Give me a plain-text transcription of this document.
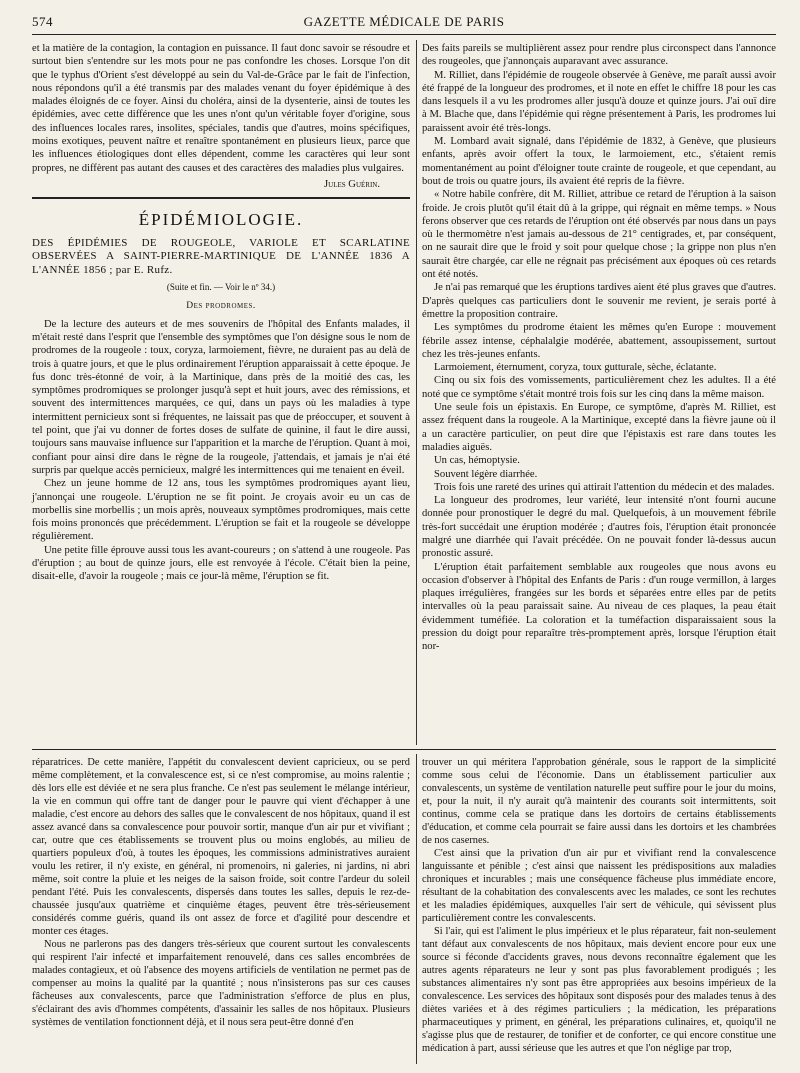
574	GAZETTE MÉDICALE DE PARIS

et la matière de la contagion, la contagion en puissance. Il faut donc savoir se résoudre et surtout bien s'entendre sur les mots pour ne pas confondre les choses. Lorsque l'on dit que le typhus d'Orient s'est développé au sein du Val-de-Grâce par le fait de l'infection, nous répondons qu'il a été transmis par des malades venant du foyer épidémique à des malades éloignés de ce foyer. Ainsi du choléra, ainsi de la dysenterie, ainsi de toutes les épidémies, avec cette différence que les unes n'ont qu'un véritable foyer d'origine, sous des influences locales rares, insolites, spéciales, tandis que d'autres, moins spécifiques, moins exotiques, peuvent naître et renaître spontanément en plusieurs lieux, parce que les influences étiologiques dont elles dépendent, comme les caractères qui leur sont propres, ne diffèrent pas autant des causes et des caractères des maladies plus vulgaires.

Jules Guérin.
ÉPIDÉMIOLOGIE.

DES ÉPIDÉMIES DE ROUGEOLE, VARIOLE ET SCARLATINE OBSERVÉES A SAINT-PIERRE-MARTINIQUE DE L'ANNÉE 1836 A L'ANNÉE 1856 ; par E. Rufz.

(Suite et fin. — Voir le nº 34.)
Des prodromes.

De la lecture des auteurs et de mes souvenirs de l'hôpital des Enfants malades, il m'était resté dans l'esprit que l'ensemble des symptômes que l'on désigne sous le nom de prodromes de la rougeole : toux, coryza, larmoiement, fièvre, ne duraient pas au delà de trois à quatre jours, et que le plus ordinairement l'éruption apparaissait à cette époque. Je fus donc très-étonné de voir, à la Martinique, dans près de la moitié des cas, les symptômes prodromiques se prolonger jusqu'à sept et huit jours, avec des rémissions, et souvent des intermittences marquées, ce qui, dans un pays où les maladies à type intermittent pernicieux sont si fréquentes, ne laissait pas que de préoccuper, et souvent à tel point, que j'ai vu donner de fortes doses de sulfate de quinine, il faut le dire aussi, toujours sans mauvaise influence sur l'apparition et la marche de l'éruption. Quant à moi, confiant pour ainsi dire dans le règne de la rougeole, j'attendais, et jamais je n'ai été surpris par quelque accès pernicieux, malgré les intermittences qui me tenaient en éveil.

Chez un jeune homme de 12 ans, tous les symptômes prodromiques ayant lieu, j'annonçai une rougeole. L'éruption ne se fit point. Je croyais avoir eu un cas de morbellis sine morbellis ; un mois après, nouveaux symptômes prodromiques, mais cette fois moins prononcés que précédemment. L'éruption se fait et la rougeole se développe régulièrement.

Une petite fille éprouve aussi tous les avant-coureurs ; on s'attend à une rougeole. Pas d'éruption ; au bout de quinze jours, elle est renvoyée à l'école. C'était bien la peine, disait-elle, d'avoir la rougeole ; mais ce jour-là même, l'éruption se fit.

Des faits pareils se multiplièrent assez pour rendre plus circonspect dans l'annonce des rougeoles, que j'annonçais auparavant avec assurance.

M. Rilliet, dans l'épidémie de rougeole observée à Genève, me paraît aussi avoir été frappé de la longueur des prodromes, et il note en effet le chiffre 18 pour les cas dans lesquels il a vu les prodromes aller jusqu'à douze et quinze jours. J'ai ouï dire à M. Blache que, dans l'épidémie qui règne présentement à Paris, les prodromes lui paraissent avoir été très-longs.

M. Lombard avait signalé, dans l'épidémie de 1832, à Genève, que plusieurs enfants, après avoir offert la toux, le larmoiement, etc., s'étaient remis momentanément au point d'éloigner toute crainte de rougeole, et que cependant, au bout de trois ou quatre jours, ils avaient été repris de la fièvre.

« Notre habile confrère, dit M. Rilliet, attribue ce retard de l'éruption à la saison froide. Je crois plutôt qu'il était dû à la grippe, qui régnait en même temps. » Nous ferons observer que ces retards de l'éruption ont été observés par nous dans un pays où le thermomètre n'est jamais au-dessous de 21° centigrades, et, par conséquent, on ne saurait dire que le froid y soit pour quelque chose ; la grippe non plus n'en saurait être chargée, car elle ne régnait pas précisément aux époques où ces retards ont été notés.

Je n'ai pas remarqué que les éruptions tardives aient été plus graves que d'autres. D'après quelques cas particuliers dont le souvenir me revient, je serais porté à émettre la proposition contraire.

Les symptômes du prodrome étaient les mêmes qu'en Europe : mouvement fébrile assez intense, céphalalgie modérée, abattement, assoupissement, surtout chez les très-jeunes enfants.

Larmoiement, éternument, coryza, toux gutturale, sèche, éclatante.

Cinq ou six fois des vomissements, particulièrement chez les adultes. Il a été noté que ce symptôme s'était montré trois fois sur les cinq dans la même maison.

Une seule fois un épistaxis. En Europe, ce symptôme, d'après M. Rilliet, est assez fréquent dans la rougeole. A la Martinique, excepté dans la fièvre jaune où il a un caractère particulier, on peut dire que l'épistaxis est rare dans toutes les maladies aiguës.

Un cas, hémoptysie.

Souvent légère diarrhée.

Trois fois une rareté des urines qui attirait l'attention du médecin et des malades.

La longueur des prodromes, leur variété, leur intensité n'ont fourni aucune donnée pour pronostiquer le degré du mal. Quelquefois, à un mouvement fébrile très-fort succédait une éruption modérée ; d'autres fois, l'éruption était prononcée malgré une diarrhée qui l'avait précédée. On ne pouvait fonder là-dessus aucun pronostic assuré.

L'éruption était parfaitement semblable aux rougeoles que nous avons eu occasion d'observer à l'hôpital des Enfants de Paris : d'un rouge vermillon, à larges plaques irrégulières, frangées sur les bords et séparées entre elles par de petits intervalles où la peau paraissait saine. Au niveau de ces plaques, la peau était évidemment tuméfiée. La coloration et la tuméfaction disparaissaient sous la pression du doigt pour reparaître très-promptement après, lorsque l'éruption était nor-

réparatrices. De cette manière, l'appétit du convalescent devient capricieux, ou se perd même complètement, et la convalescence est, si ce n'est compromise, au moins ralentie ; dès lors elle est déviée et ne sera plus franche. Ce n'est pas seulement le mélange intérieur, la vie en commun qui offre tant de danger pour le pauvre qui vient d'échapper à une maladie, c'est encore au dehors des salles que le convalescent de nos hôpitaux, quand il est assez avancé dans sa convalescence pour pouvoir sortir, manque d'un air pur et vivifiant ; car, outre que ces établissements se trouvent plus ou moins englobés, au milieu de quartiers populeux d'où, à toutes les époques, les commissions administratives auraient voulu les retirer, il n'y existe, en général, ni promenoirs, ni galeries, ni jardins, ni abri même, soit contre la pluie et les neiges de la saison froide, soit contre l'ardeur du soleil pendant l'été. Puis les convalescents, dispersés dans toutes les salles, depuis le rez-de-chaussée jusqu'aux quatrième et cinquième étages, peuvent être très-sérieusement considérés comme guéris, quand ils ont assez de force et d'agilité pour descendre et monter ces étages.

Nous ne parlerons pas des dangers très-sérieux que courent surtout les convalescents qui respirent l'air infecté et imparfaitement renouvelé, dans ces salles encombrées de malades contagieux, et où l'absence des moyens artificiels de ventilation ne permet pas de compenser au moins la qualité par la quantité ; nous n'insisterons pas sur ces causes fâcheuses aux convalescents, parce que l'administration s'efforce de plus en plus, s'éclairant des avis d'hommes compétents, d'assainir les salles de nos hôpitaux. Plusieurs systèmes de ventilation fonctionnent déjà, et il nous sera peut-être donné d'en

trouver un qui méritera l'approbation générale, sous le rapport de la simplicité comme sous celui de l'économie. Dans un établissement particulier aux convalescents, un système de ventilation naturelle peut suffire pour le jour du moins, et, pour la nuit, il n'y aurait qu'à maintenir des courants soit intermittents, soit continus, comme cela se pratique dans les dortoirs de certains établissements d'éducation, et comme cela pourrait se faire aussi dans les dortoirs et les chambrées de nos casernes.

C'est ainsi que la privation d'un air pur et vivifiant rend la convalescence languissante et pénible ; c'est ainsi que naissent les prédispositions aux maladies chroniques et incurables ; mais une conséquence fâcheuse plus immédiate encore, résultant de la cohabitation des convalescents avec les malades, ce sont les rechutes et les maladies épidémiques, auxquelles l'air sert de véhicule, qui sévissent plus particulièrement contre les convalescents.

Si l'air, qui est l'aliment le plus impérieux et le plus réparateur, fait non-seulement tant défaut aux convalescents de nos hôpitaux, mais devient encore pour eux une source si féconde d'accidents graves, nous devons reconnaître également que les autres agents réparateurs ne leur y sont pas plus favorablement prodigués ; les substances alimentaires n'y sont pas être appropriées aux besoins impérieux de la convalescence. Les services des hôpitaux sont disposés pour des malades tenus à des diètes variées et à des régimes particuliers ; la médication, les préparations pharmaceutiques y priment, en général, les préparations culinaires, et, quoiqu'il ne s'agisse plus que de restaurer, de tonifier et de conforter, ce qui encore constitue une médication à part, aussi sérieuse que les autres et que l'on néglige par trop,
